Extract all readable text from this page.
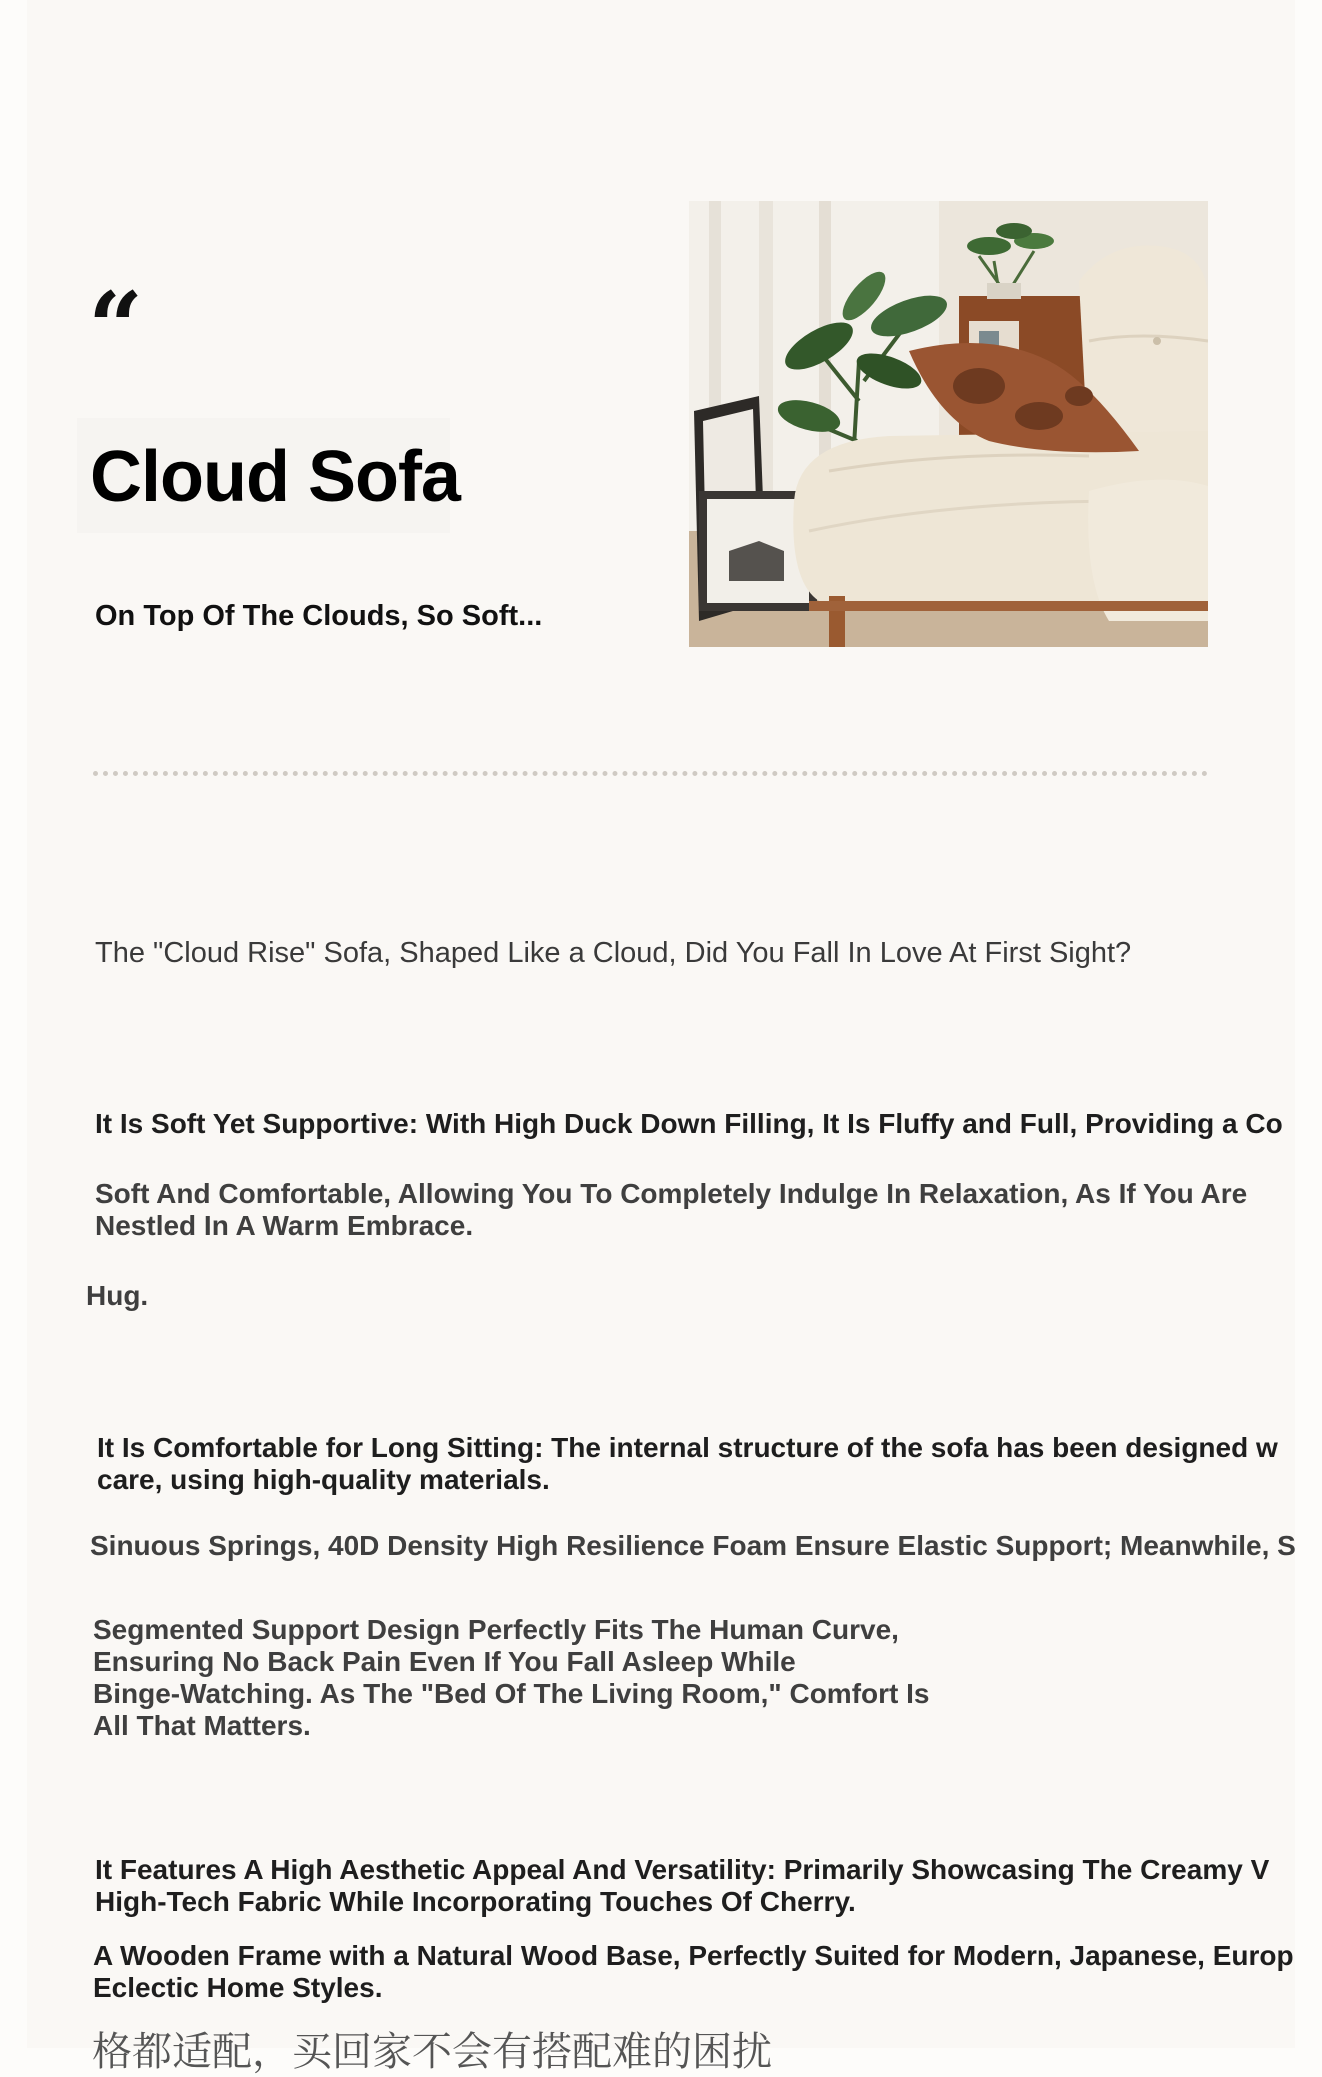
“
Cloud Sofa
On Top Of The Clouds, So Soft...
The "Cloud Rise" Sofa, Shaped Like a Cloud, Did You Fall In Love At First Sight?
It Is Soft Yet Supportive: With High Duck Down Filling, It Is Fluffy and Full, Providing a Co
Soft And Comfortable, Allowing You To Completely Indulge In Relaxation, As If You Are
Nestled In A Warm Embrace.
Hug.
It Is Comfortable for Long Sitting: The internal structure of the sofa has been designed w
care, using high-quality materials.
Sinuous Springs, 40D Density High Resilience Foam Ensure Elastic Support; Meanwhile, S
Segmented Support Design Perfectly Fits The Human Curve,
Ensuring No Back Pain Even If You Fall Asleep While
Binge-Watching. As The "Bed Of The Living Room," Comfort Is
All That Matters.
It Features A High Aesthetic Appeal And Versatility: Primarily Showcasing The Creamy V
High-Tech Fabric While Incorporating Touches Of Cherry.
A Wooden Frame with a Natural Wood Base, Perfectly Suited for Modern, Japanese, Europ
Eclectic Home Styles.
格都适配，买回家不会有搭配难的困扰
